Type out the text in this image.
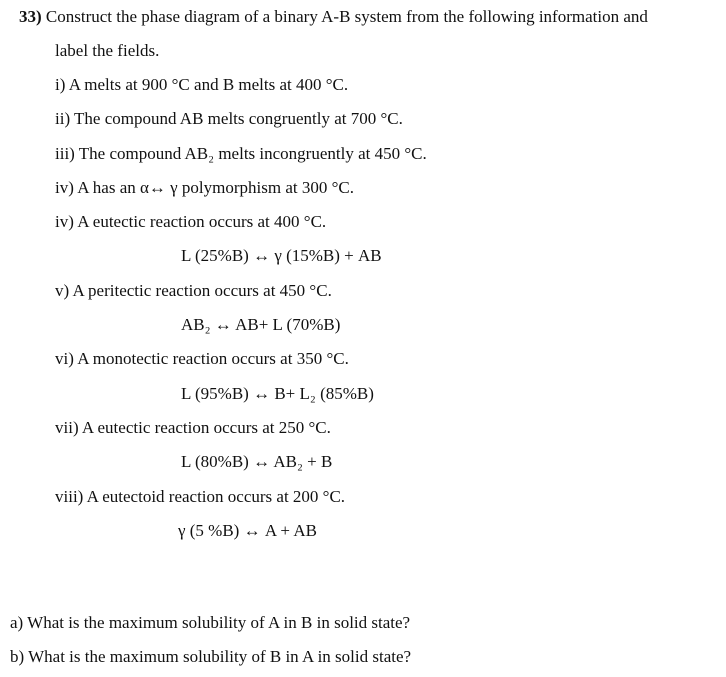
33) Construct the phase diagram of a binary A-B system from the following information and
label the fields.
i) A melts at 900 °C and B melts at 400 °C.
ii) The compound AB melts congruently at 700 °C.
iii) The compound AB₂ melts incongruently at 450 °C.
iv) A has an α↔ γ polymorphism at 300 °C.
iv) A eutectic reaction occurs at 400 °C.
L (25%B) ↔ γ (15%B) + AB
v) A peritectic reaction occurs at 450 °C.
AB₂ ↔ AB+ L (70%B)
vi) A monotectic reaction occurs at 350 °C.
L (95%B) ↔ B+ L₂ (85%B)
vii) A eutectic reaction occurs at 250 °C.
L (80%B) ↔ AB₂ + B
viii) A eutectoid reaction occurs at 200 °C.
γ (5 %B) ↔ A + AB
a) What is the maximum solubility of A in B in solid state?
b) What is the maximum solubility of B in A in solid state?
